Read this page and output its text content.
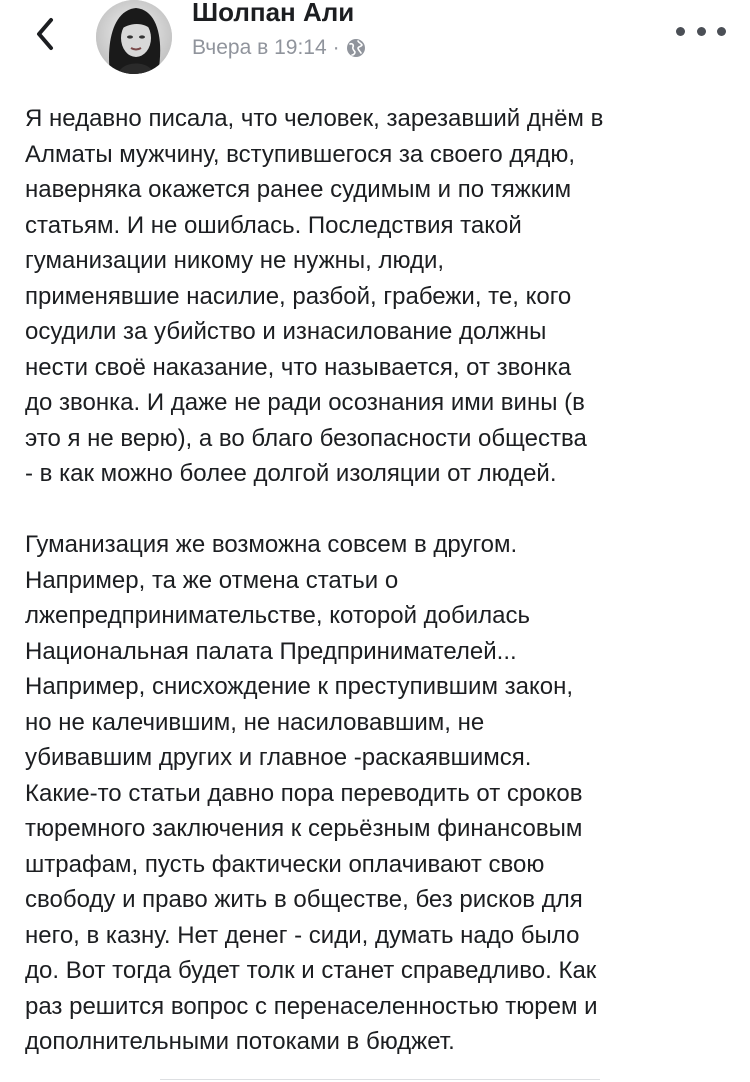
Шолпан Али
Вчера в 19:14 ·

Я недавно писала, что человек, зарезавший днём в
Алматы мужчину, вступившегося за своего дядю,
наверняка окажется ранее судимым и по тяжким
статьям. И не ошиблась. Последствия такой
гуманизации никому не нужны, люди,
применявшие насилие, разбой, грабежи, те, кого
осудили за убийство и изнасилование должны
нести своё наказание, что называется, от звонка
до звонка. И даже не ради осознания ими вины (в
это я не верю), а во благо безопасности общества
- в как можно более долгой изоляции от людей.

Гуманизация же возможна совсем в другом.
Например, та же отмена статьи о
лжепредпринимательстве, которой добилась
Национальная палата Предпринимателей...
Например, снисхождение к преступившим закон,
но не калечившим, не насиловавшим, не
убивавшим других и главное -раскаявшимся.
Какие-то статьи давно пора переводить от сроков
тюремного заключения к серьёзным финансовым
штрафам, пусть фактически оплачивают свою
свободу и право жить в обществе, без рисков для
него, в казну. Нет денег - сиди, думать надо было
до. Вот тогда будет толк и станет справедливо. Как
раз решится вопрос с перенаселенностью тюрем и
дополнительными потоками в бюджет.
